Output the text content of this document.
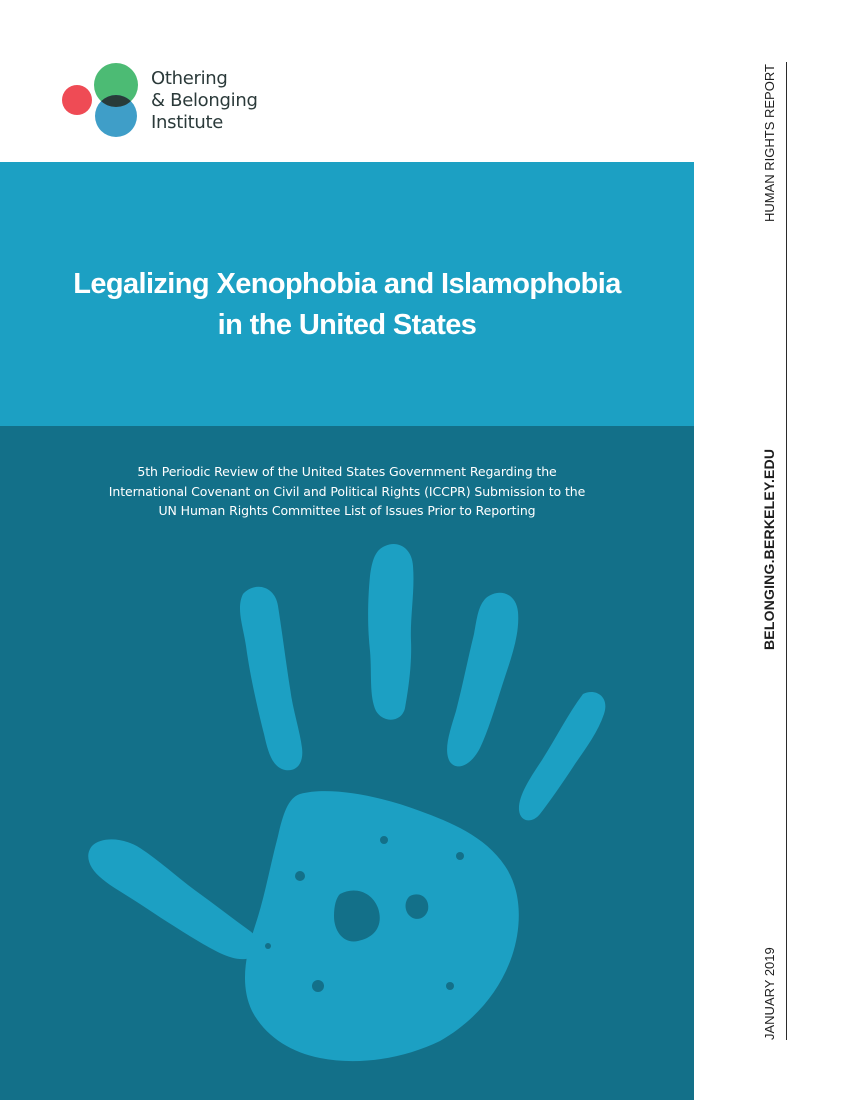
Othering
& Belonging
Institute
Legalizing Xenophobia and Islamophobia
in the United States

5th Periodic Review of the United States Government Regarding the
International Covenant on Civil and Political Rights (ICCPR) Submission to the
UN Human Rights Committee List of Issues Prior to Reporting

HUMAN RIGHTS REPORT
BELONGING.BERKELEY.EDU
JANUARY 2019
